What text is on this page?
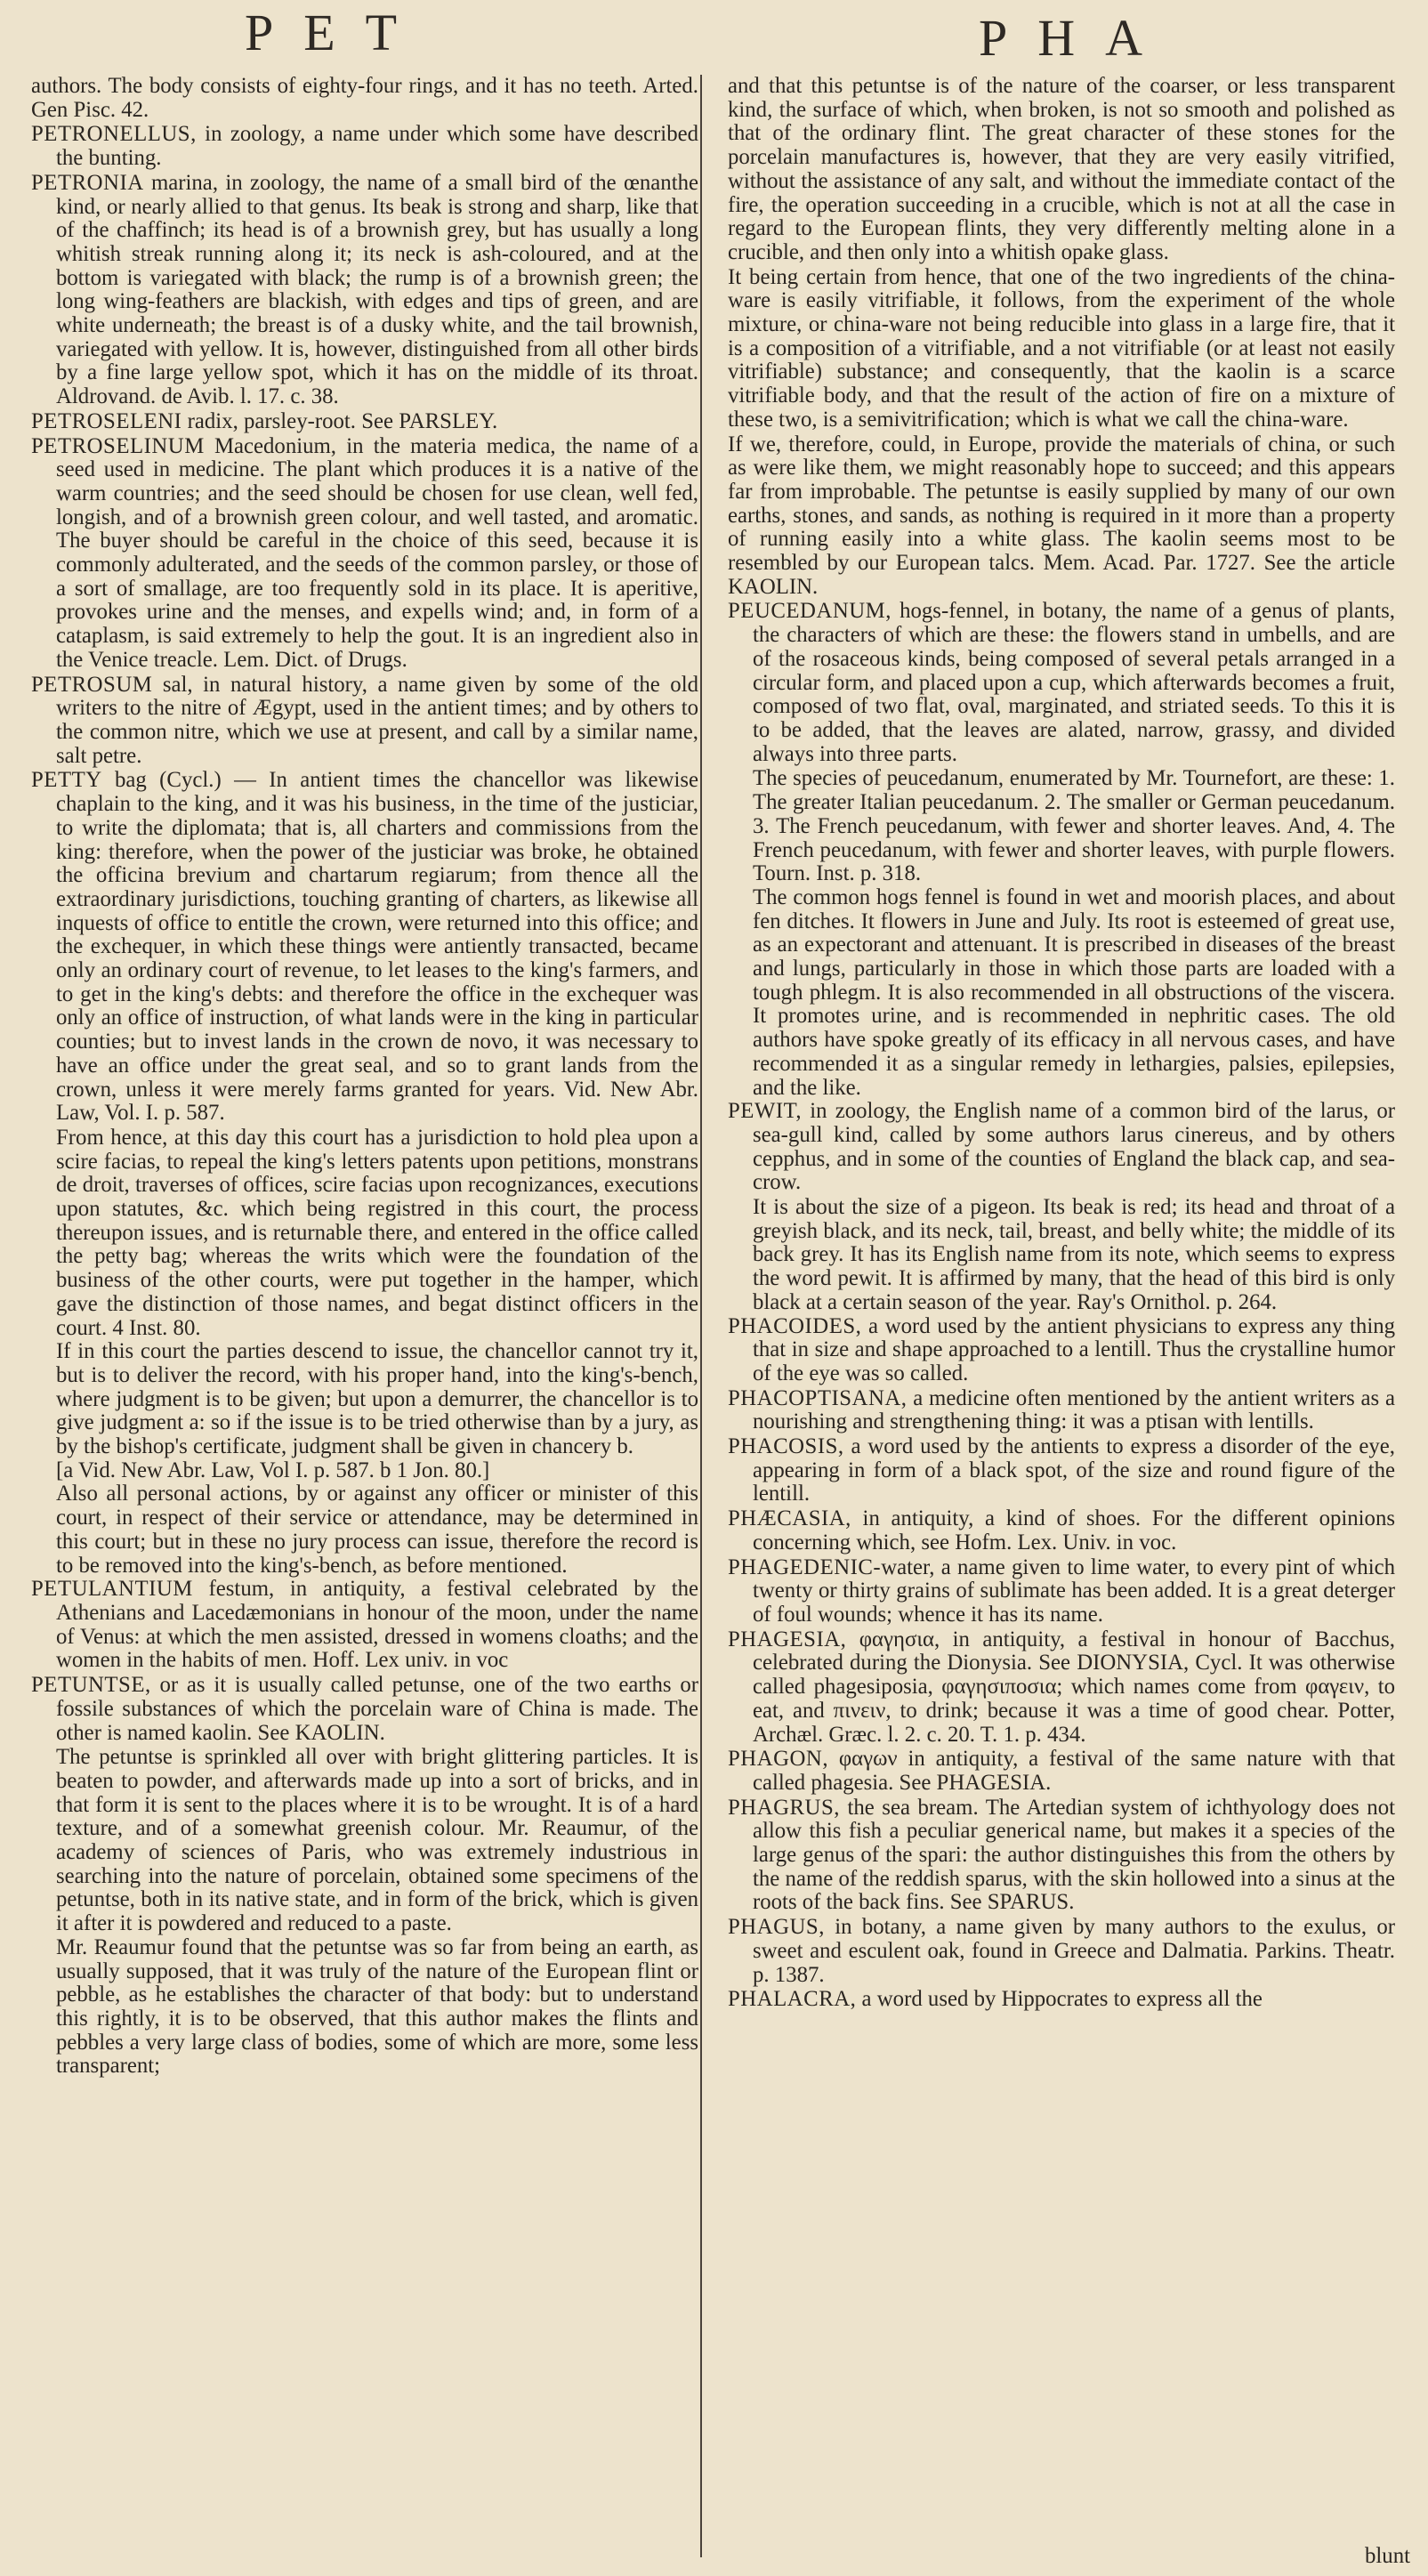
PET	PHA

authors. The body consists of eighty-four rings, and it has no teeth. Arted. Gen Pisc. 42.

PETRONELLUS, in zoology, a name under which some have described the bunting.

PETRONIA marina, in zoology, the name of a small bird of the œnanthe kind, or nearly allied to that genus. Its beak is strong and sharp, like that of the chaffinch; its head is of a brownish grey, but has usually a long whitish streak running along it; its neck is ash-coloured, and at the bottom is variegated with black; the rump is of a brownish green; the long wing-feathers are blackish, with edges and tips of green, and are white underneath; the breast is of a dusky white, and the tail brownish, variegated with yellow. It is, however, distinguished from all other birds by a fine large yellow spot, which it has on the middle of its throat. Aldrovand. de Avib. l. 17. c. 38.

PETROSELENI radix, parsley-root. See PARSLEY.

PETROSELINUM Macedonium, in the materia medica, the name of a seed used in medicine. The plant which produces it is a native of the warm countries; and the seed should be chosen for use clean, well fed, longish, and of a brownish green colour, and well tasted, and aromatic. The buyer should be careful in the choice of this seed, because it is commonly adulterated, and the seeds of the common parsley, or those of a sort of smallage, are too frequently sold in its place. It is aperitive, provokes urine and the menses, and expells wind; and, in form of a cataplasm, is said extremely to help the gout. It is an ingredient also in the Venice treacle. Lem. Dict. of Drugs.

PETROSUM sal, in natural history, a name given by some of the old writers to the nitre of Ægypt, used in the antient times; and by others to the common nitre, which we use at present, and call by a similar name, salt petre.

PETTY bag (Cycl.) — In antient times the chancellor was likewise chaplain to the king, and it was his business, in the time of the justiciar, to write the diplomata; that is, all charters and commissions from the king: therefore, when the power of the justiciar was broke, he obtained the officina brevium and chartarum regiarum; from thence all the extraordinary jurisdictions, touching granting of charters, as likewise all inquests of office to entitle the crown, were returned into this office; and the exchequer, in which these things were antiently transacted, became only an ordinary court of revenue, to let leases to the king's farmers, and to get in the king's debts: and therefore the office in the exchequer was only an office of instruction, of what lands were in the king in particular counties; but to invest lands in the crown de novo, it was necessary to have an office under the great seal, and so to grant lands from the crown, unless it were merely farms granted for years. Vid. New Abr. Law, Vol. I. p. 587.

From hence, at this day this court has a jurisdiction to hold plea upon a scire facias, to repeal the king's letters patents upon petitions, monstrans de droit, traverses of offices, scire facias upon recognizances, executions upon statutes, &c. which being registred in this court, the process thereupon issues, and is returnable there, and entered in the office called the petty bag; whereas the writs which were the foundation of the business of the other courts, were put together in the hamper, which gave the distinction of those names, and begat distinct officers in the court. 4 Inst. 80.

If in this court the parties descend to issue, the chancellor cannot try it, but is to deliver the record, with his proper hand, into the king's-bench, where judgment is to be given; but upon a demurrer, the chancellor is to give judgment a: so if the issue is to be tried otherwise than by a jury, as by the bishop's certificate, judgment shall be given in chancery b.

[a Vid. New Abr. Law, Vol I. p. 587. b 1 Jon. 80.]

Also all personal actions, by or against any officer or minister of this court, in respect of their service or attendance, may be determined in this court; but in these no jury process can issue, therefore the record is to be removed into the king's-bench, as before mentioned.

PETULANTIUM festum, in antiquity, a festival celebrated by the Athenians and Lacedæmonians in honour of the moon, under the name of Venus: at which the men assisted, dressed in womens cloaths; and the women in the habits of men. Hoff. Lex univ. in voc

PETUNTSE, or as it is usually called petunse, one of the two earths or fossile substances of which the porcelain ware of China is made. The other is named kaolin. See KAOLIN.

The petuntse is sprinkled all over with bright glittering particles. It is beaten to powder, and afterwards made up into a sort of bricks, and in that form it is sent to the places where it is to be wrought. It is of a hard texture, and of a somewhat greenish colour. Mr. Reaumur, of the academy of sciences of Paris, who was extremely industrious in searching into the nature of porcelain, obtained some specimens of the petuntse, both in its native state, and in form of the brick, which is given it after it is powdered and reduced to a paste.

Mr. Reaumur found that the petuntse was so far from being an earth, as usually supposed, that it was truly of the nature of the European flint or pebble, as he establishes the character of that body: but to understand this rightly, it is to be observed, that this author makes the flints and pebbles a very large class of bodies, some of which are more, some less transparent;

and that this petuntse is of the nature of the coarser, or less transparent kind, the surface of which, when broken, is not so smooth and polished as that of the ordinary flint. The great character of these stones for the porcelain manufactures is, however, that they are very easily vitrified, without the assistance of any salt, and without the immediate contact of the fire, the operation succeeding in a crucible, which is not at all the case in regard to the European flints, they very differently melting alone in a crucible, and then only into a whitish opake glass.

It being certain from hence, that one of the two ingredients of the china-ware is easily vitrifiable, it follows, from the experiment of the whole mixture, or china-ware not being reducible into glass in a large fire, that it is a composition of a vitrifiable, and a not vitrifiable (or at least not easily vitrifiable) substance; and consequently, that the kaolin is a scarce vitrifiable body, and that the result of the action of fire on a mixture of these two, is a semivitrification; which is what we call the china-ware.

If we, therefore, could, in Europe, provide the materials of china, or such as were like them, we might reasonably hope to succeed; and this appears far from improbable. The petuntse is easily supplied by many of our own earths, stones, and sands, as nothing is required in it more than a property of running easily into a white glass. The kaolin seems most to be resembled by our European talcs. Mem. Acad. Par. 1727. See the article KAOLIN.

PEUCEDANUM, hogs-fennel, in botany, the name of a genus of plants, the characters of which are these: the flowers stand in umbells, and are of the rosaceous kinds, being composed of several petals arranged in a circular form, and placed upon a cup, which afterwards becomes a fruit, composed of two flat, oval, marginated, and striated seeds. To this it is to be added, that the leaves are alated, narrow, grassy, and divided always into three parts.

The species of peucedanum, enumerated by Mr. Tournefort, are these: 1. The greater Italian peucedanum. 2. The smaller or German peucedanum. 3. The French peucedanum, with fewer and shorter leaves. And, 4. The French peucedanum, with fewer and shorter leaves, with purple flowers. Tourn. Inst. p. 318.

The common hogs fennel is found in wet and moorish places, and about fen ditches. It flowers in June and July. Its root is esteemed of great use, as an expectorant and attenuant. It is prescribed in diseases of the breast and lungs, particularly in those in which those parts are loaded with a tough phlegm. It is also recommended in all obstructions of the viscera. It promotes urine, and is recommended in nephritic cases. The old authors have spoke greatly of its efficacy in all nervous cases, and have recommended it as a singular remedy in lethargies, palsies, epilepsies, and the like.

PEWIT, in zoology, the English name of a common bird of the larus, or sea-gull kind, called by some authors larus cinereus, and by others cepphus, and in some of the counties of England the black cap, and sea-crow.

It is about the size of a pigeon. Its beak is red; its head and throat of a greyish black, and its neck, tail, breast, and belly white; the middle of its back grey. It has its English name from its note, which seems to express the word pewit. It is affirmed by many, that the head of this bird is only black at a certain season of the year. Ray's Ornithol. p. 264.

PHACOIDES, a word used by the antient physicians to express any thing that in size and shape approached to a lentill. Thus the crystalline humor of the eye was so called.

PHACOPTISANA, a medicine often mentioned by the antient writers as a nourishing and strengthening thing: it was a ptisan with lentills.

PHACOSIS, a word used by the antients to express a disorder of the eye, appearing in form of a black spot, of the size and round figure of the lentill.

PHÆCASIA, in antiquity, a kind of shoes. For the different opinions concerning which, see Hofm. Lex. Univ. in voc.

PHAGEDENIC-water, a name given to lime water, to every pint of which twenty or thirty grains of sublimate has been added. It is a great deterger of foul wounds; whence it has its name.

PHAGESIA, φαγησια, in antiquity, a festival in honour of Bacchus, celebrated during the Dionysia. See DIONYSIA, Cycl. It was otherwise called phagesiposia, φαγησιποσια; which names come from φαγειν, to eat, and πινειν, to drink; because it was a time of good chear. Potter, Archæl. Græc. l. 2. c. 20. T. 1. p. 434.

PHAGON, φαγων in antiquity, a festival of the same nature with that called phagesia. See PHAGESIA.

PHAGRUS, the sea bream. The Artedian system of ichthyology does not allow this fish a peculiar generical name, but makes it a species of the large genus of the spari: the author distinguishes this from the others by the name of the reddish sparus, with the skin hollowed into a sinus at the roots of the back fins. See SPARUS.

PHAGUS, in botany, a name given by many authors to the exulus, or sweet and esculent oak, found in Greece and Dalmatia. Parkins. Theatr. p. 1387.

PHALACRA, a word used by Hippocrates to express all the

blunt
